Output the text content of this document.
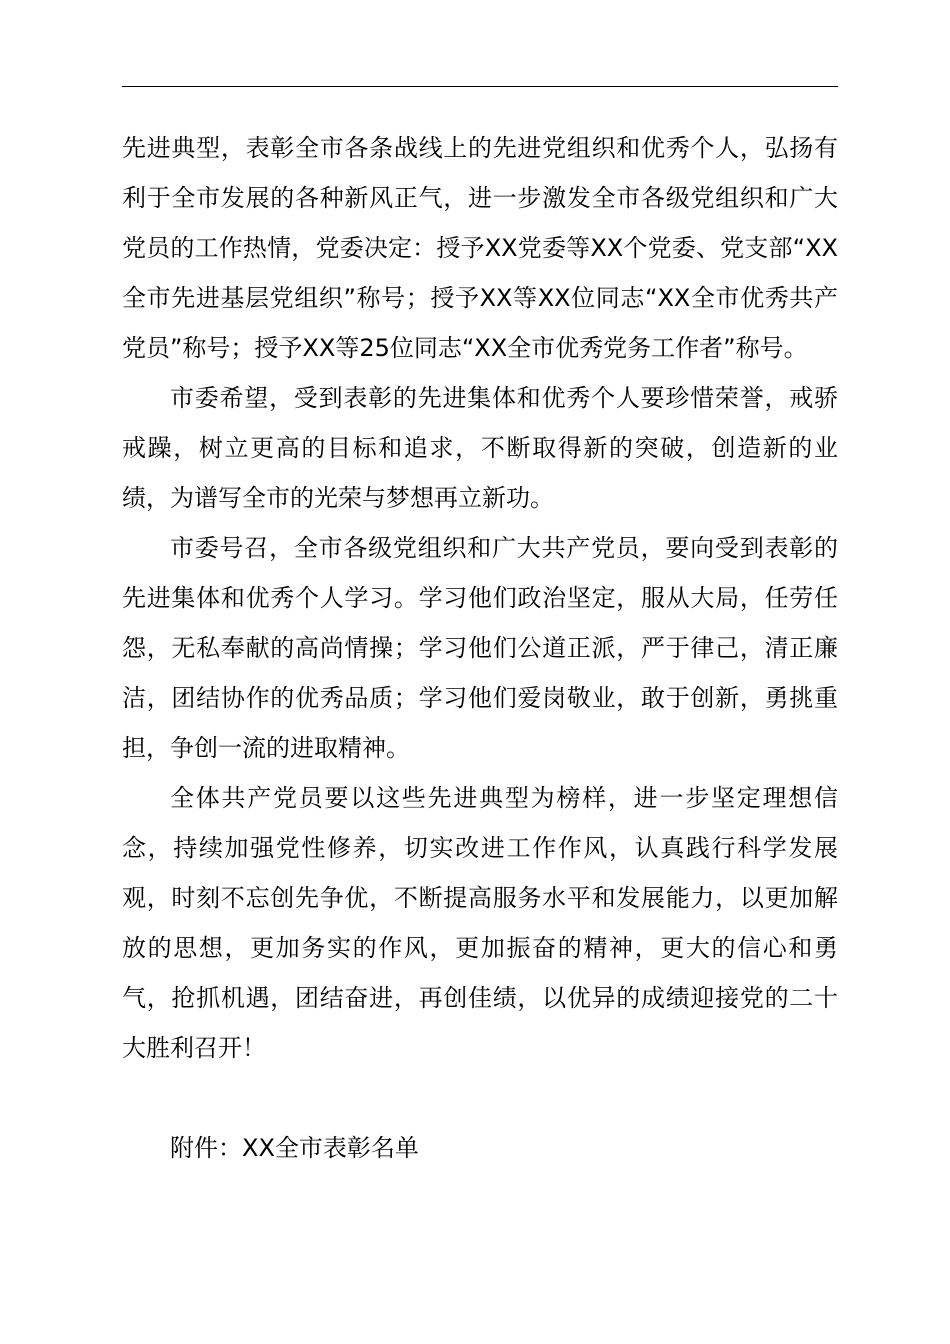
先进典型，表彰全市各条战线上的先进党组织和优秀个人，弘扬有利于全市发展的各种新风正气，进一步激发全市各级党组织和广大党员的工作热情，党委决定：授予XX党委等XX个党委、党支部“XX全市先进基层党组织”称号；授予XX等XX位同志“XX全市优秀共产党员”称号；授予XX等25位同志“XX全市优秀党务工作者”称号。

市委希望，受到表彰的先进集体和优秀个人要珍惜荣誉，戒骄戒躁，树立更高的目标和追求，不断取得新的突破，创造新的业绩，为谱写全市的光荣与梦想再立新功。

市委号召，全市各级党组织和广大共产党员，要向受到表彰的先进集体和优秀个人学习。学习他们政治坚定，服从大局，任劳任怨，无私奉献的高尚情操；学习他们公道正派，严于律己，清正廉洁，团结协作的优秀品质；学习他们爱岗敬业，敢于创新，勇挑重担，争创一流的进取精神。

全体共产党员要以这些先进典型为榜样，进一步坚定理想信念，持续加强党性修养，切实改进工作作风，认真践行科学发展观，时刻不忘创先争优，不断提高服务水平和发展能力，以更加解放的思想，更加务实的作风，更加振奋的精神，更大的信心和勇气，抢抓机遇，团结奋进，再创佳绩，以优异的成绩迎接党的二十大胜利召开！

附件：XX全市表彰名单
